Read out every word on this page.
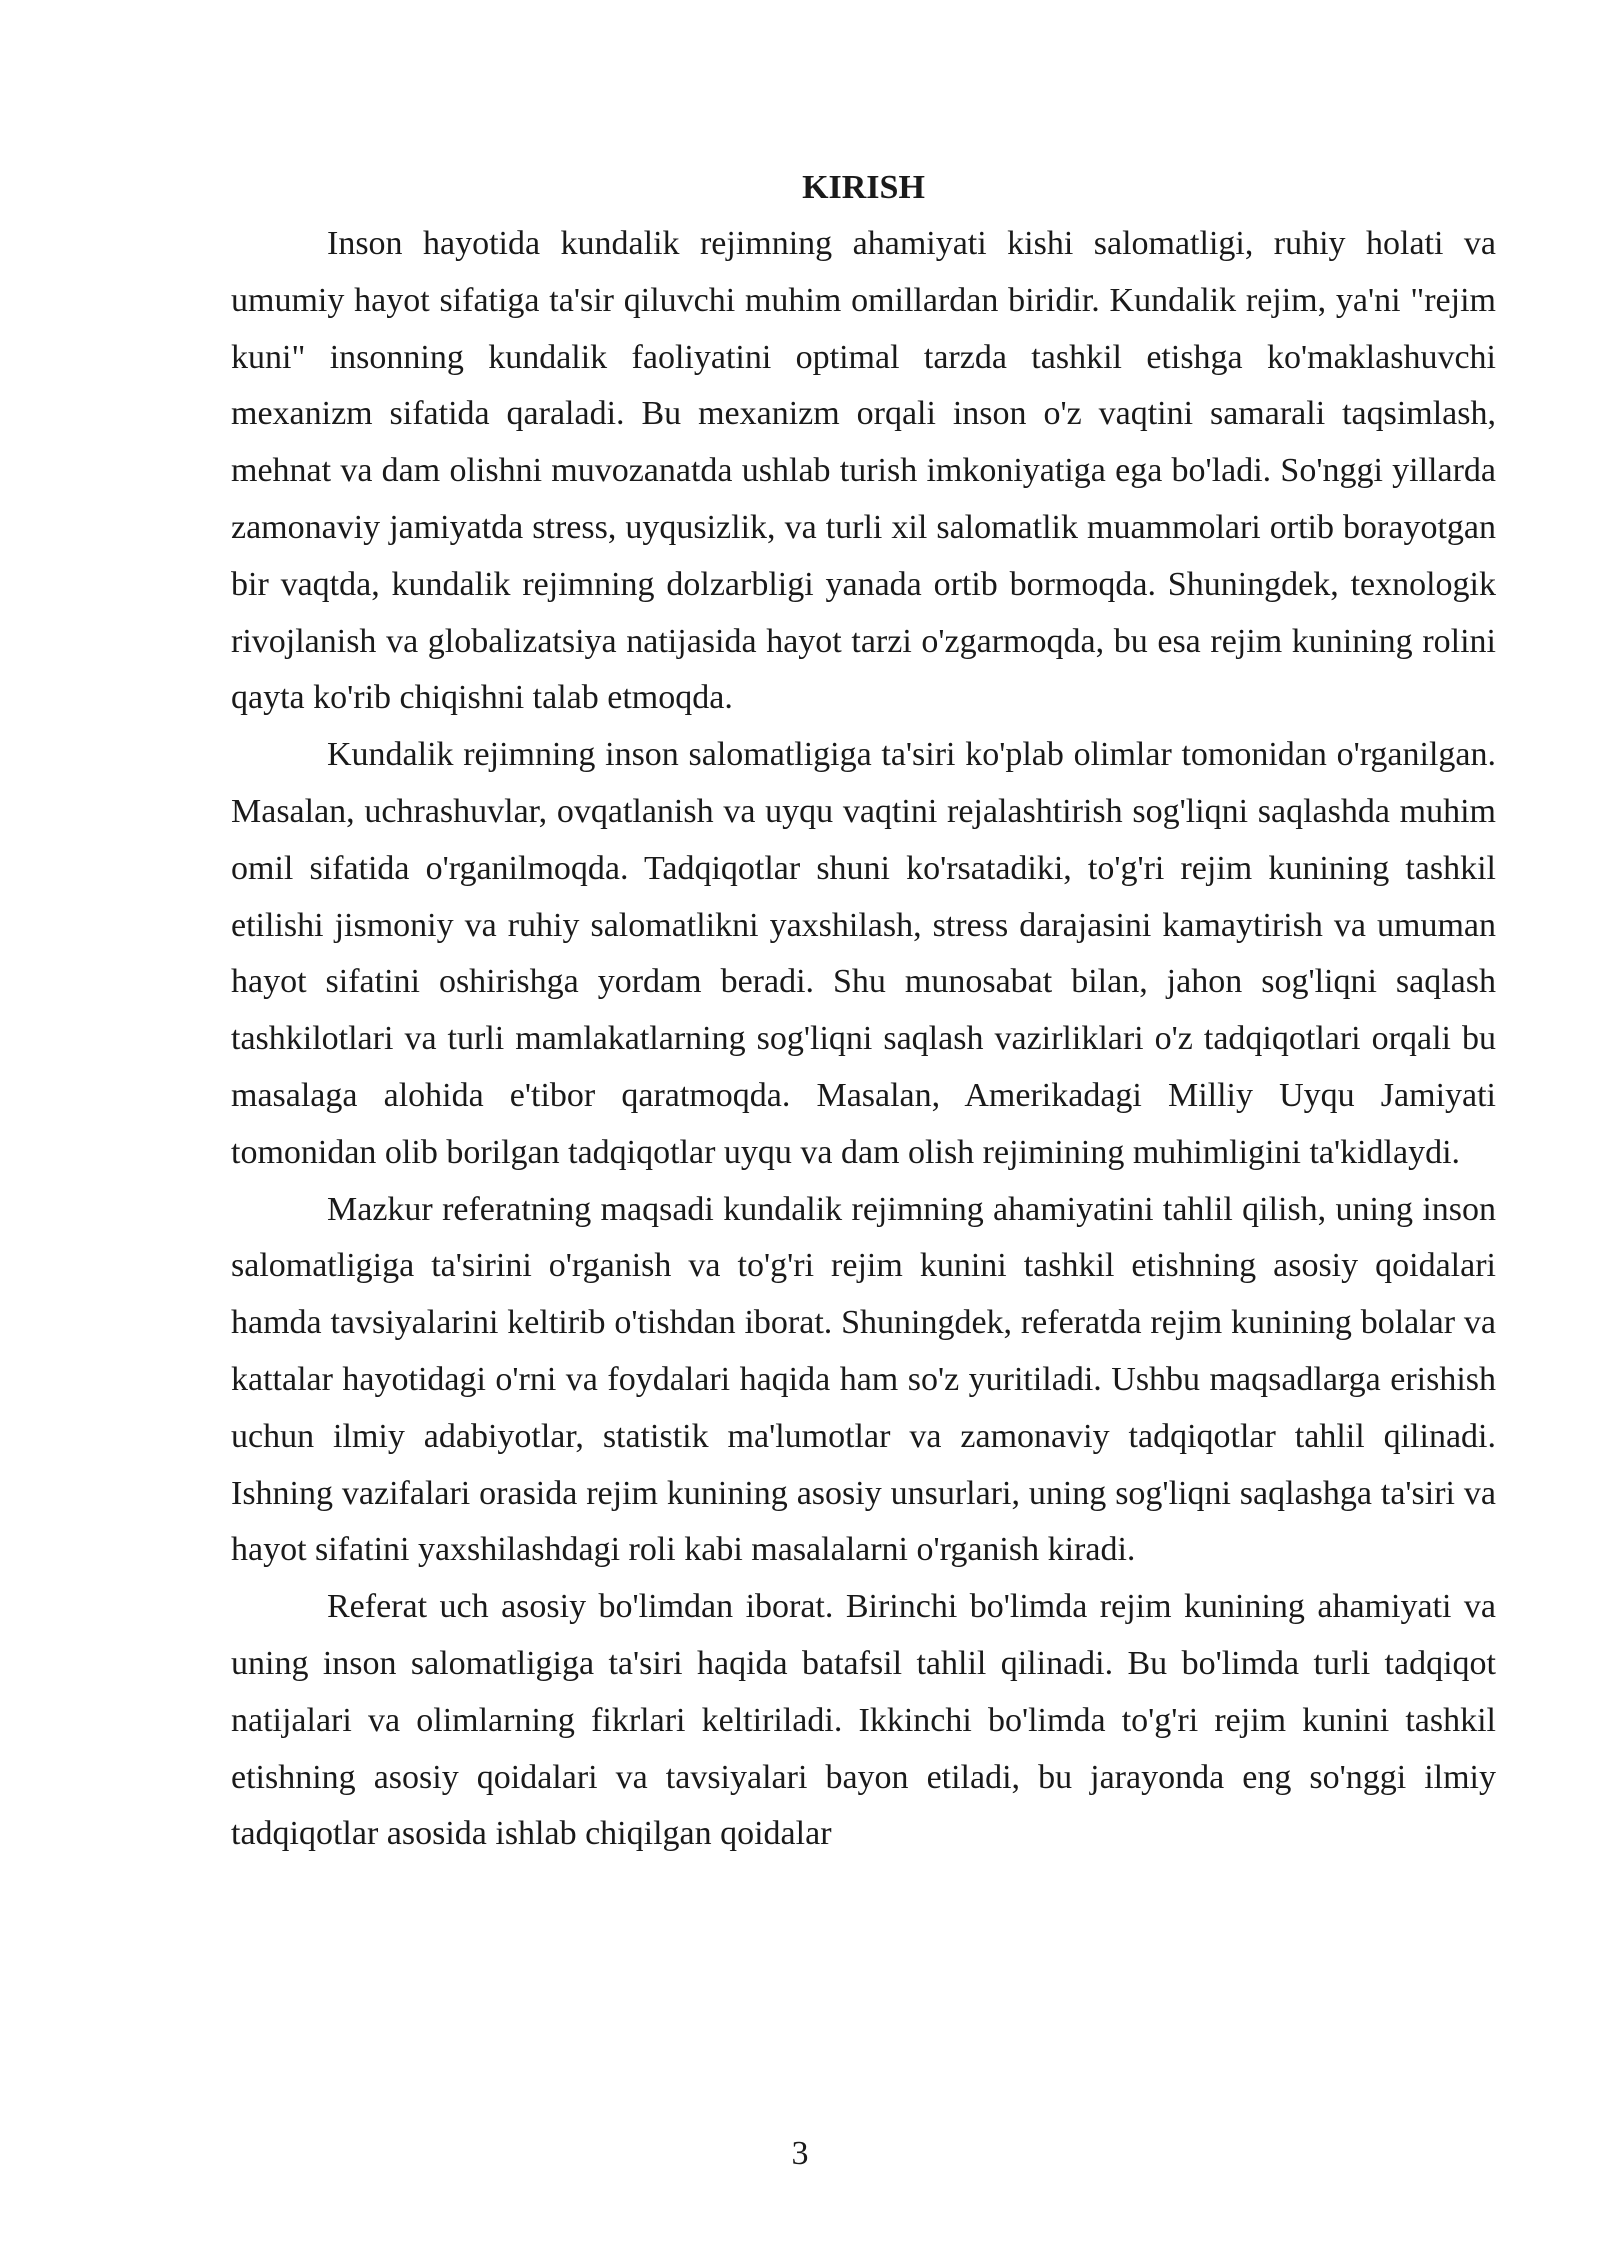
KIRISH

Inson hayotida kundalik rejimning ahamiyati kishi salomatligi, ruhiy holati va umumiy hayot sifatiga ta'sir qiluvchi muhim omillardan biridir. Kundalik rejim, ya'ni "rejim kuni" insonning kundalik faoliyatini optimal tarzda tashkil etishga ko'maklashuvchi mexanizm sifatida qaraladi. Bu mexanizm orqali inson o'z vaqtini samarali taqsimlash, mehnat va dam olishni muvozanatda ushlab turish imkoniyatiga ega bo'ladi. So'nggi yillarda zamonaviy jamiyatda stress, uyqusizlik, va turli xil salomatlik muammolari ortib borayotgan bir vaqtda, kundalik rejimning dolzarbligi yanada ortib bormoqda. Shuningdek, texnologik rivojlanish va globalizatsiya natijasida hayot tarzi o'zgarmoqda, bu esa rejim kunining rolini qayta ko'rib chiqishni talab etmoqda.

Kundalik rejimning inson salomatligiga ta'siri ko'plab olimlar tomonidan o'rganilgan. Masalan, uchrashuvlar, ovqatlanish va uyqu vaqtini rejalashtirish sog'liqni saqlashda muhim omil sifatida o'rganilmoqda. Tadqiqotlar shuni ko'rsatadiki, to'g'ri rejim kunining tashkil etilishi jismoniy va ruhiy salomatlikni yaxshilash, stress darajasini kamaytirish va umuman hayot sifatini oshirishga yordam beradi. Shu munosabat bilan, jahon sog'liqni saqlash tashkilotlari va turli mamlakatlarning sog'liqni saqlash vazirliklari o'z tadqiqotlari orqali bu masalaga alohida e'tibor qaratmoqda. Masalan, Amerikadagi Milliy Uyqu Jamiyati tomonidan olib borilgan tadqiqotlar uyqu va dam olish rejimining muhimligini ta'kidlaydi.

Mazkur referatning maqsadi kundalik rejimning ahamiyatini tahlil qilish, uning inson salomatligiga ta'sirini o'rganish va to'g'ri rejim kunini tashkil etishning asosiy qoidalari hamda tavsiyalarini keltirib o'tishdan iborat. Shuningdek, referatda rejim kunining bolalar va kattalar hayotidagi o'rni va foydalari haqida ham so'z yuritiladi. Ushbu maqsadlarga erishish uchun ilmiy adabiyotlar, statistik ma'lumotlar va zamonaviy tadqiqotlar tahlil qilinadi. Ishning vazifalari orasida rejim kunining asosiy unsurlari, uning sog'liqni saqlashga ta'siri va hayot sifatini yaxshilashdagi roli kabi masalalarni o'rganish kiradi.

Referat uch asosiy bo'limdan iborat. Birinchi bo'limda rejim kunining ahamiyati va uning inson salomatligiga ta'siri haqida batafsil tahlil qilinadi. Bu bo'limda turli tadqiqot natijalari va olimlarning fikrlari keltiriladi. Ikkinchi bo'limda to'g'ri rejim kunini tashkil etishning asosiy qoidalari va tavsiyalari bayon etiladi, bu jarayonda eng so'nggi ilmiy tadqiqotlar asosida ishlab chiqilgan qoidalar

3
